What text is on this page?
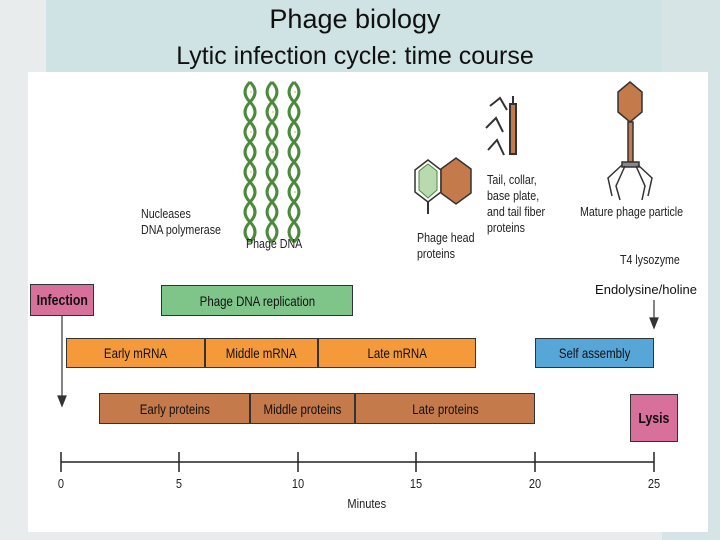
Phage biology
Lytic infection cycle: time course
Nucleases
DNA polymerase
Phage DNA	Phage head
proteins
Tail, collar,
base plate,
and tail fiber
proteins
Mature phage particle
T4 lysozyme
Endolysine/holine
Infection	Phage DNA replication
Early mRNA	Middle mRNA	Late mRNA	Self assembly
Early proteins	Middle proteins	Late proteins
Lysis
0	5	10	15	20	25
Minutes
